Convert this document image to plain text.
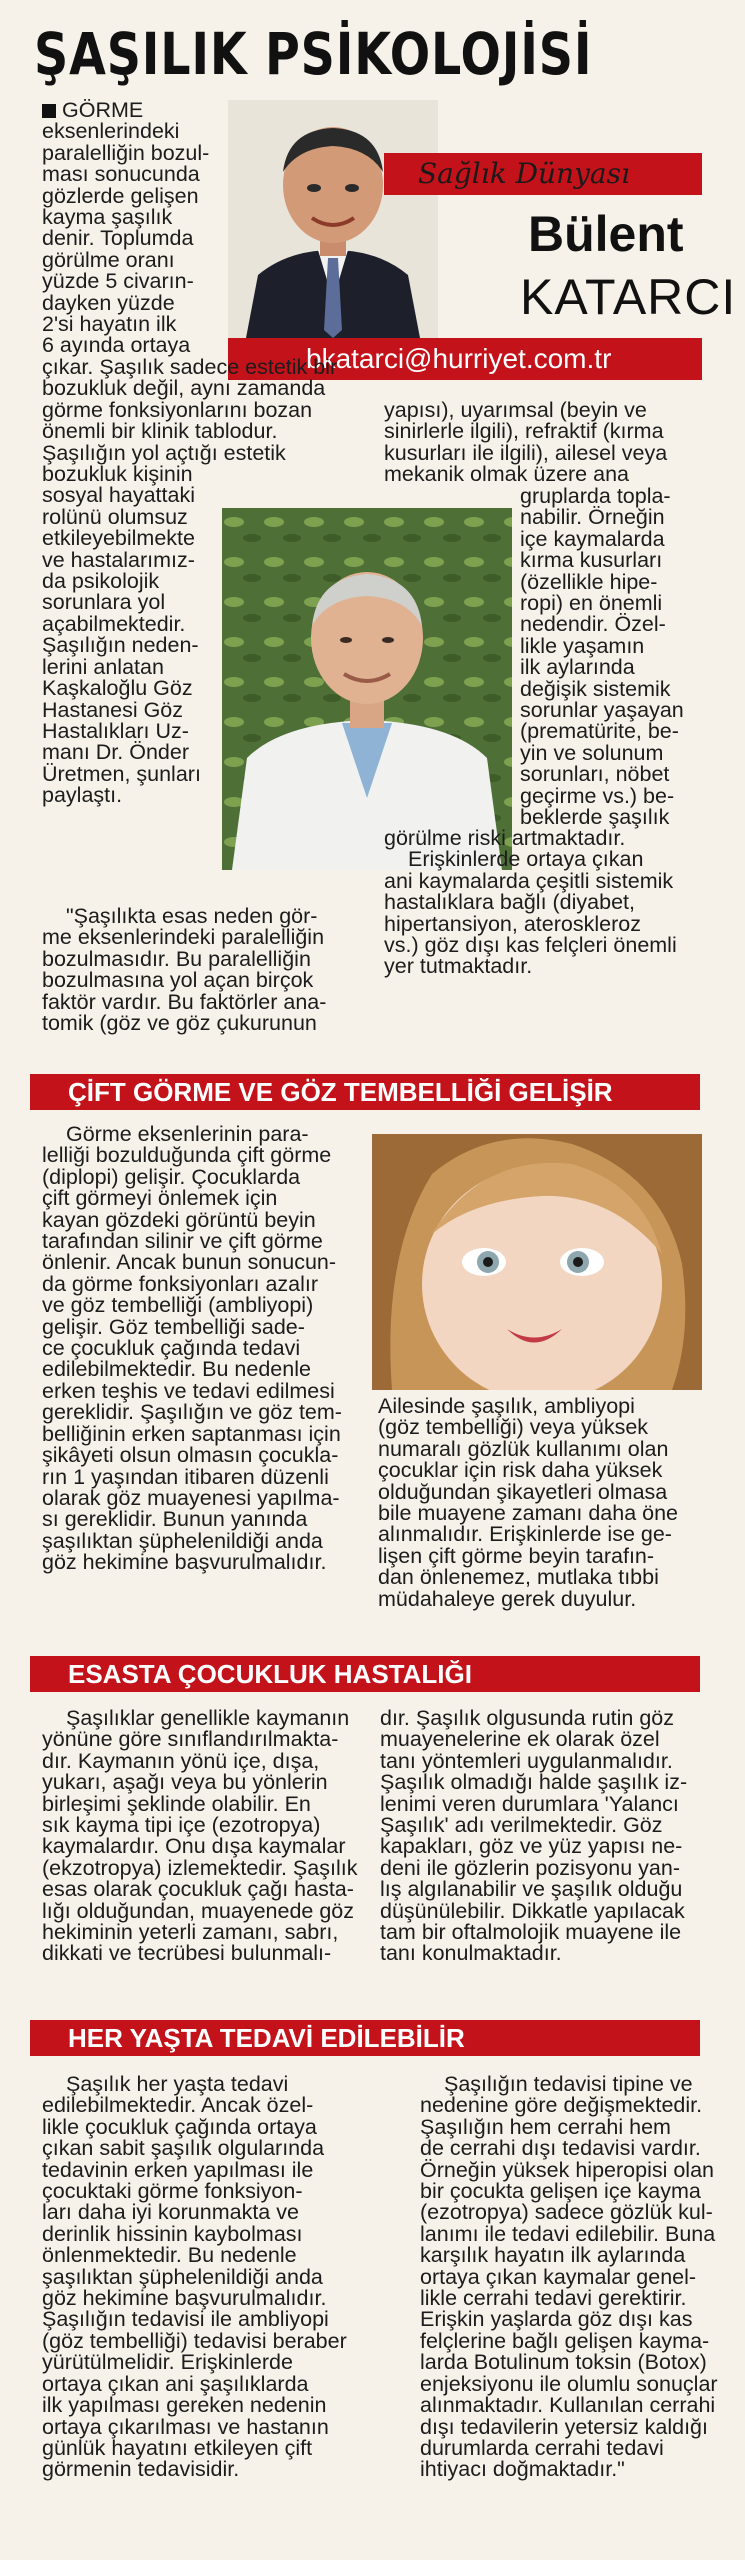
ŞAŞILIK PSİKOLOJİSİ
Sağlık Dünyası
Bülent
KATARCI
bkatarci@hurriyet.com.tr

GÖRME

eksenlerindeki

paralelliğin bozul-

ması sonucunda

gözlerde gelişen

kayma şaşılık

denir. Toplumda

görülme oranı

yüzde 5 civarın-

dayken yüzde

2'si hayatın ilk

6 ayında ortaya

çıkar. Şaşılık sadece estetik bir

bozukluk değil, aynı zamanda

görme fonksiyonlarını bozan

önemli bir klinik tablodur.

Şaşılığın yol açtığı estetik

bozukluk kişinin

sosyal hayattaki

rolünü olumsuz

etkileyebilmekte

ve hastalarımız-

da psikolojik

sorunlara yol

açabilmektedir.

Şaşılığın neden-

lerini anlatan

Kaşkaloğlu Göz

Hastanesi Göz

Hastalıkları Uz-

manı Dr. Önder

Üretmen, şunları

paylaştı.

"Şaşılıkta esas neden gör-

me eksenlerindeki paralelliğin

bozulmasıdır. Bu paralelliğin

bozulmasına yol açan birçok

faktör vardır. Bu faktörler ana-

tomik (göz ve göz çukurunun

yapısı), uyarımsal (beyin ve

sinirlerle ilgili), refraktif (kırma

kusurları ile ilgili), ailesel veya

mekanik olmak üzere ana

gruplarda topla-

nabilir. Örneğin

içe kaymalarda

kırma kusurları

(özellikle hipe-

ropi) en önemli

nedendir. Özel-

likle yaşamın

ilk aylarında

değişik sistemik

sorunlar yaşayan

(prematürite, be-

yin ve solunum

sorunları, nöbet

geçirme vs.) be-

beklerde şaşılık

görülme riski artmaktadır.

Erişkinlerde ortaya çıkan

ani kaymalarda çeşitli sistemik

hastalıklara bağlı (diyabet,

hipertansiyon, ateroskleroz

vs.) göz dışı kas felçleri önemli

yer tutmaktadır.

ÇİFT GÖRME VE GÖZ TEMBELLİĞİ GELİŞİR

Görme eksenlerinin para-

lelliği bozulduğunda çift görme

(diplopi) gelişir. Çocuklarda

çift görmeyi önlemek için

kayan gözdeki görüntü beyin

tarafından silinir ve çift görme

önlenir. Ancak bunun sonucun-

da görme fonksiyonları azalır

ve göz tembelliği (ambliyopi)

gelişir. Göz tembelliği sade-

ce çocukluk çağında tedavi

edilebilmektedir. Bu nedenle

erken teşhis ve tedavi edilmesi

gereklidir. Şaşılığın ve göz tem-

belliğinin erken saptanması için

şikâyeti olsun olmasın çocukla-

rın 1 yaşından itibaren düzenli

olarak göz muayenesi yapılma-

sı gereklidir. Bunun yanında

şaşılıktan şüphelenildiği anda

göz hekimine başvurulmalıdır.

Ailesinde şaşılık, ambliyopi

(göz tembelliği) veya yüksek

numaralı gözlük kullanımı olan

çocuklar için risk daha yüksek

olduğundan şikayetleri olmasa

bile muayene zamanı daha öne

alınmalıdır. Erişkinlerde ise ge-

lişen çift görme beyin tarafın-

dan önlenemez, mutlaka tıbbi

müdahaleye gerek duyulur.

ESASTA ÇOCUKLUK HASTALIĞI

Şaşılıklar genellikle kaymanın

yönüne göre sınıflandırılmakta-

dır. Kaymanın yönü içe, dışa,

yukarı, aşağı veya bu yönlerin

birleşimi şeklinde olabilir. En

sık kayma tipi içe (ezotropya)

kaymalardır. Onu dışa kaymalar

(ekzotropya) izlemektedir. Şaşılık

esas olarak çocukluk çağı hasta-

lığı olduğundan, muayenede göz

hekiminin yeterli zamanı, sabrı,

dikkati ve tecrübesi bulunmalı-

dır. Şaşılık olgusunda rutin göz

muayenelerine ek olarak özel

tanı yöntemleri uygulanmalıdır.

Şaşılık olmadığı halde şaşılık iz-

lenimi veren durumlara 'Yalancı

Şaşılık' adı verilmektedir. Göz

kapakları, göz ve yüz yapısı ne-

deni ile gözlerin pozisyonu yan-

lış algılanabilir ve şaşılık olduğu

düşünülebilir. Dikkatle yapılacak

tam bir oftalmolojik muayene ile

tanı konulmaktadır.

HER YAŞTA TEDAVİ EDİLEBİLİR

Şaşılık her yaşta tedavi

edilebilmektedir. Ancak özel-

likle çocukluk çağında ortaya

çıkan sabit şaşılık olgularında

tedavinin erken yapılması ile

çocuktaki görme fonksiyon-

ları daha iyi korunmakta ve

derinlik hissinin kaybolması

önlenmektedir. Bu nedenle

şaşılıktan şüphelenildiği anda

göz hekimine başvurulmalıdır.

Şaşılığın tedavisi ile ambliyopi

(göz tembelliği) tedavisi beraber

yürütülmelidir. Erişkinlerde

ortaya çıkan ani şaşılıklarda

ilk yapılması gereken nedenin

ortaya çıkarılması ve hastanın

günlük hayatını etkileyen çift

görmenin tedavisidir.

Şaşılığın tedavisi tipine ve

nedenine göre değişmektedir.

Şaşılığın hem cerrahi hem

de cerrahi dışı tedavisi vardır.

Örneğin yüksek hiperopisi olan

bir çocukta gelişen içe kayma

(ezotropya) sadece gözlük kul-

lanımı ile tedavi edilebilir. Buna

karşılık hayatın ilk aylarında

ortaya çıkan kaymalar genel-

likle cerrahi tedavi gerektirir.

Erişkin yaşlarda göz dışı kas

felçlerine bağlı gelişen kayma-

larda Botulinum toksin (Botox)

enjeksiyonu ile olumlu sonuçlar

alınmaktadır. Kullanılan cerrahi

dışı tedavilerin yetersiz kaldığı

durumlarda cerrahi tedavi

ihtiyacı doğmaktadır."
